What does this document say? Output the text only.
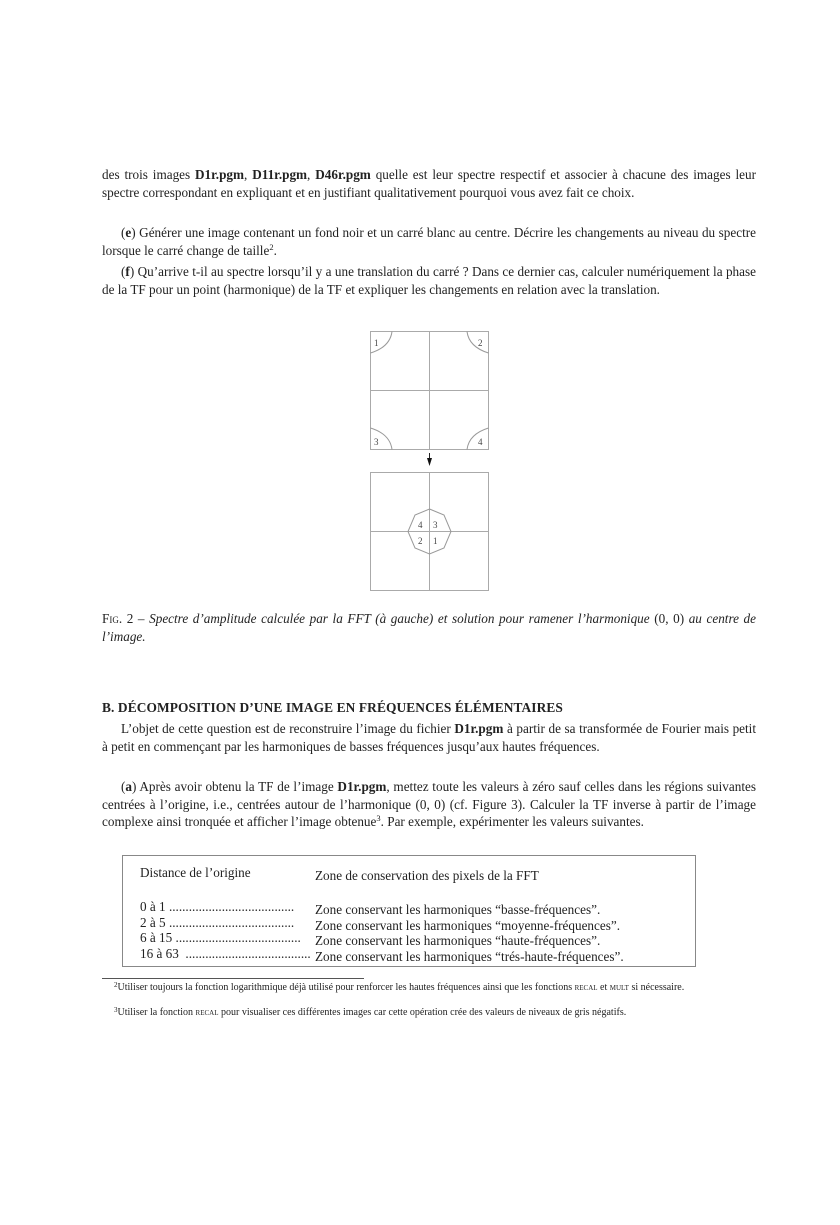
des trois images D1r.pgm, D11r.pgm, D46r.pgm quelle est leur spectre respectif et associer à chacune des images leur spectre correspondant en expliquant et en justifiant qualitativement pourquoi vous avez fait ce choix.

(e) Générer une image contenant un fond noir et un carré blanc au centre. Décrire les changements au niveau du spectre lorsque le carré change de taille$^2$.

(f) Qu’arrive t-il au spectre lorsqu’il y a une translation du carré ? Dans ce dernier cas, calculer numériquement la phase de la TF pour un point (harmonique) de la TF et expliquer les changements en relation avec la translation.

1	2
3	4
4 3
2 1
Fig. 2 – Spectre d’amplitude calculée par la FFT (à gauche) et solution pour ramener l’harmonique (0, 0) au centre de l’image.
B. DÉCOMPOSITION D’UNE IMAGE EN FRÉQUENCES ÉLÉMENTAIRES

L’objet de cette question est de reconstruire l’image du fichier D1r.pgm à partir de sa transformée de Fourier mais petit à petit en commençant par les harmoniques de basses fréquences jusqu’aux hautes fréquences.

(a) Après avoir obtenu la TF de l’image D1r.pgm, mettez toute les valeurs à zéro sauf celles dans les régions suivantes centrées à l’origine, i.e., centrées autour de l’harmonique (0, 0) (cf. Figure 3). Calculer la TF inverse à partir de l’image complexe ainsi tronquée et afficher l’image obtenue$^3$. Par exemple, expérimenter les valeurs suivantes.

Distance de l’origine	Zone de conservation des pixels de la FFT
0 à 1 ...................................... Zone conservant les harmoniques “basse-fréquences”.
2 à 5 ...................................... Zone conservant les harmoniques “moyenne-fréquences”.
6 à 15 ...................................... Zone conservant les harmoniques “haute-fréquences”.
16 à 63  ...................................... Zone conservant les harmoniques “trés-haute-fréquences”.
$^2$Utiliser toujours la fonction logarithmique déjà utilisé pour renforcer les hautes fréquences ainsi que les fonctions recal et mult si nécessaire.
$^3$Utiliser la fonction recal pour visualiser ces différentes images car cette opération crée des valeurs de niveaux de gris négatifs.
